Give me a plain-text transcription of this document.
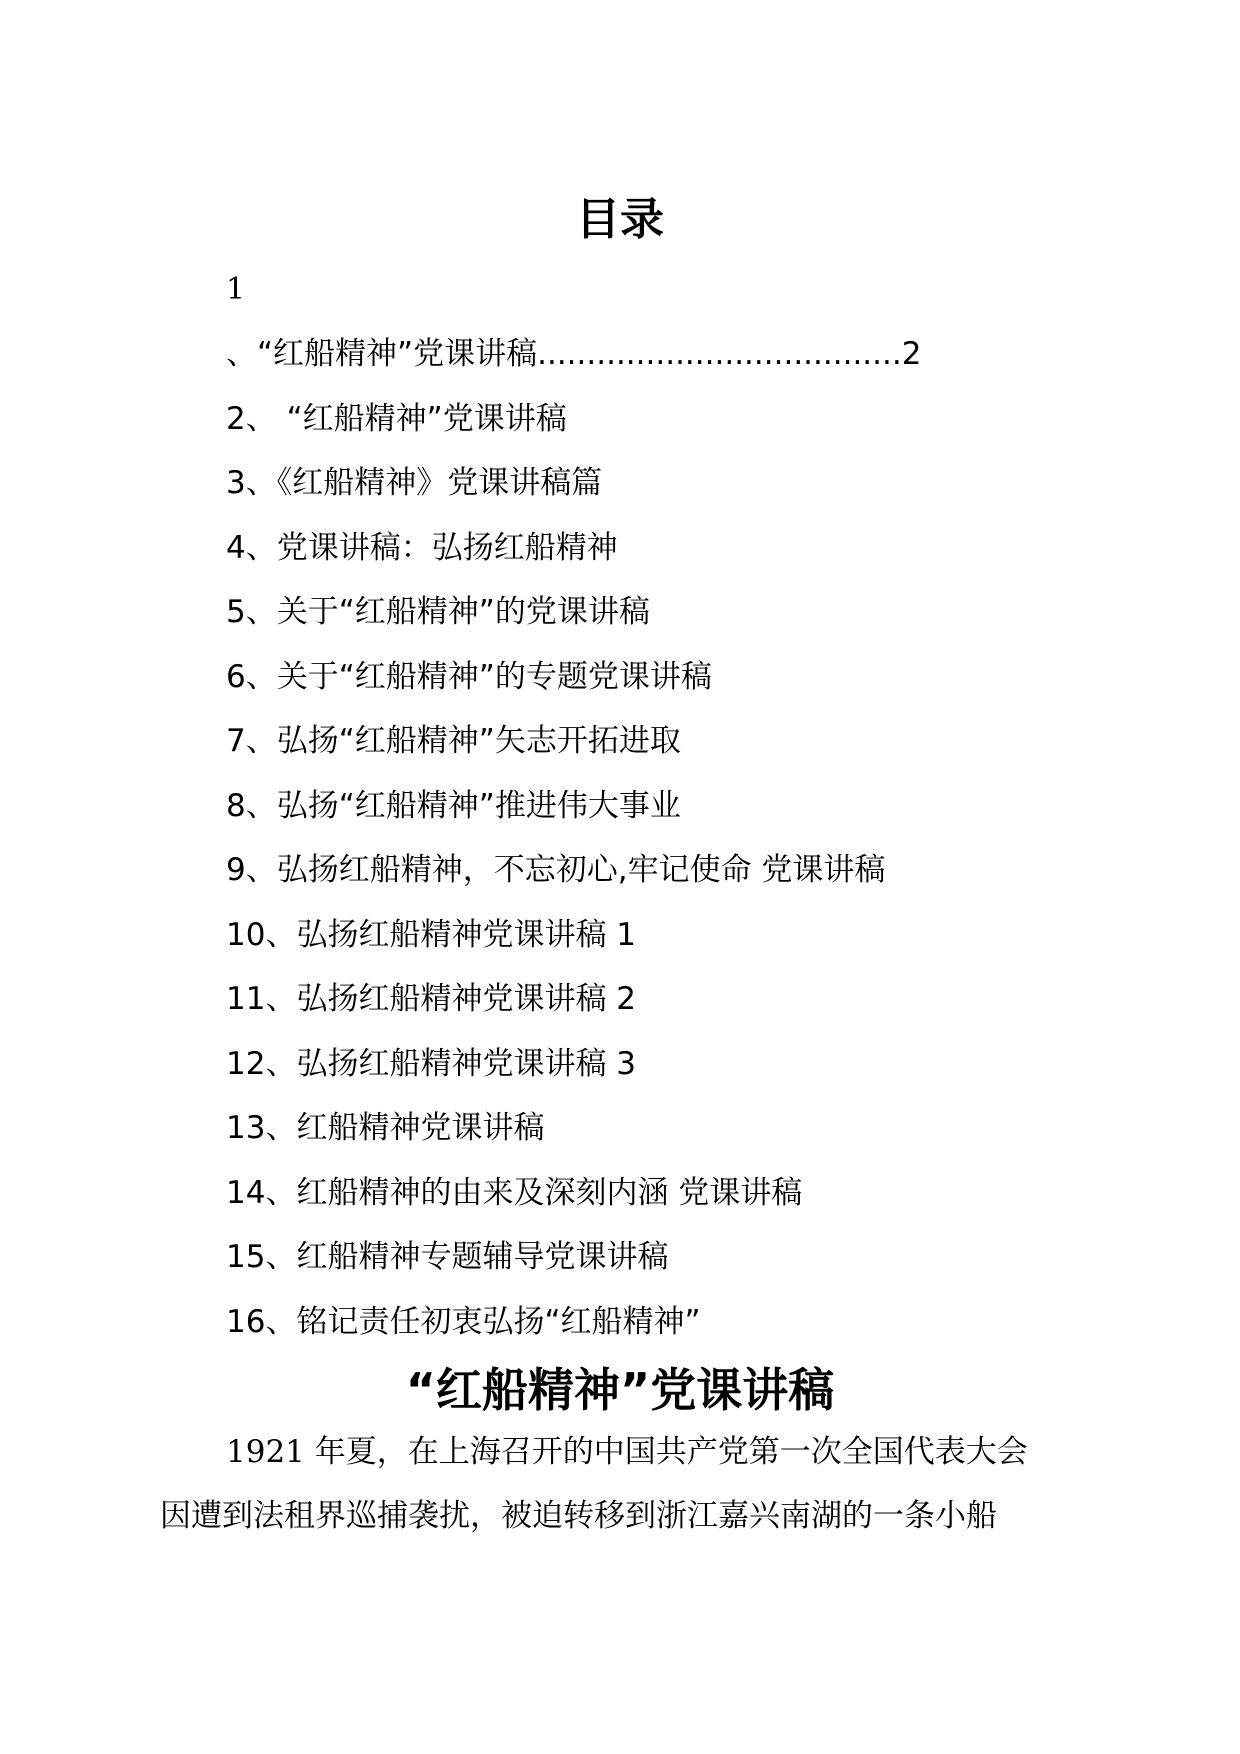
目录
1
、“红船精神”党课讲稿.....................................2
2、 “红船精神”党课讲稿
3、《红船精神》党课讲稿篇
4、党课讲稿：弘扬红船精神
5、关于“红船精神”的党课讲稿
6、关于“红船精神”的专题党课讲稿
7、弘扬“红船精神”矢志开拓进取
8、弘扬“红船精神”推进伟大事业
9、弘扬红船精神，不忘初心,牢记使命 党课讲稿
10、弘扬红船精神党课讲稿 1
11、弘扬红船精神党课讲稿 2
12、弘扬红船精神党课讲稿 3
13、红船精神党课讲稿
14、红船精神的由来及深刻内涵 党课讲稿
15、红船精神专题辅导党课讲稿
16、铭记责任初衷弘扬“红船精神”
“红船精神”党课讲稿

1921 年夏，在上海召开的中国共产党第一次全国代表大会
因遭到法租界巡捕袭扰，被迫转移到浙江嘉兴南湖的一条小船
